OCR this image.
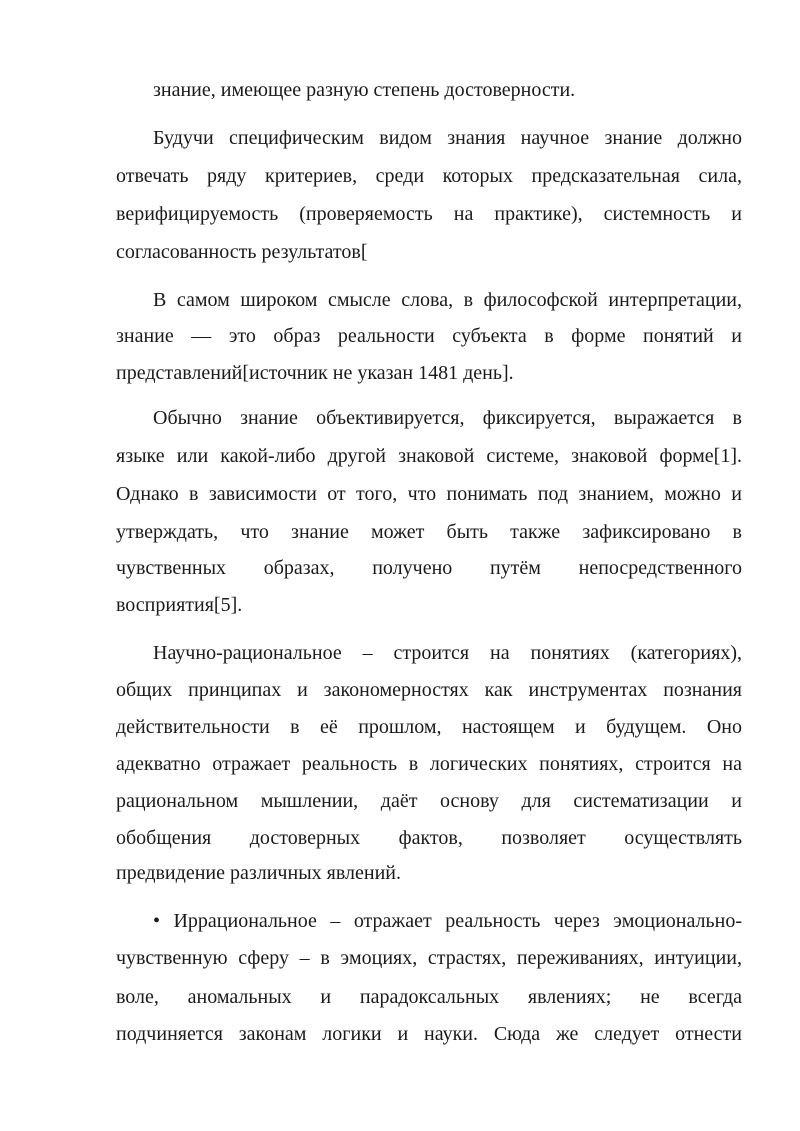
знание, имеющее разную степень достоверности.
Будучи специфическим видом знания научное знание должно
отвечать ряду критериев, среди которых предсказательная сила,
верифицируемость (проверяемость на практике), системность и
согласованность результатов[
В самом широком смысле слова, в философской интерпретации,
знание — это образ реальности субъекта в форме понятий и
представлений[источник не указан 1481 день].
Обычно знание объективируется, фиксируется, выражается в
языке или какой-либо другой знаковой системе, знаковой форме[1].
Однако в зависимости от того, что понимать под знанием, можно и
утверждать, что знание может быть также зафиксировано в
чувственных образах, получено путём непосредственного
восприятия[5].
Научно-рациональное – строится на понятиях (категориях),
общих принципах и закономерностях как инструментах познания
действительности в её прошлом, настоящем и будущем. Оно
адекватно отражает реальность в логических понятиях, строится на
рациональном мышлении, даёт основу для систематизации и
обобщения достоверных фактов, позволяет осуществлять
предвидение различных явлений.
• Иррациональное – отражает реальность через эмоционально-
чувственную сферу – в эмоциях, страстях, переживаниях, интуиции,
воле, аномальных и парадоксальных явлениях; не всегда
подчиняется законам логики и науки. Сюда же следует отнести
